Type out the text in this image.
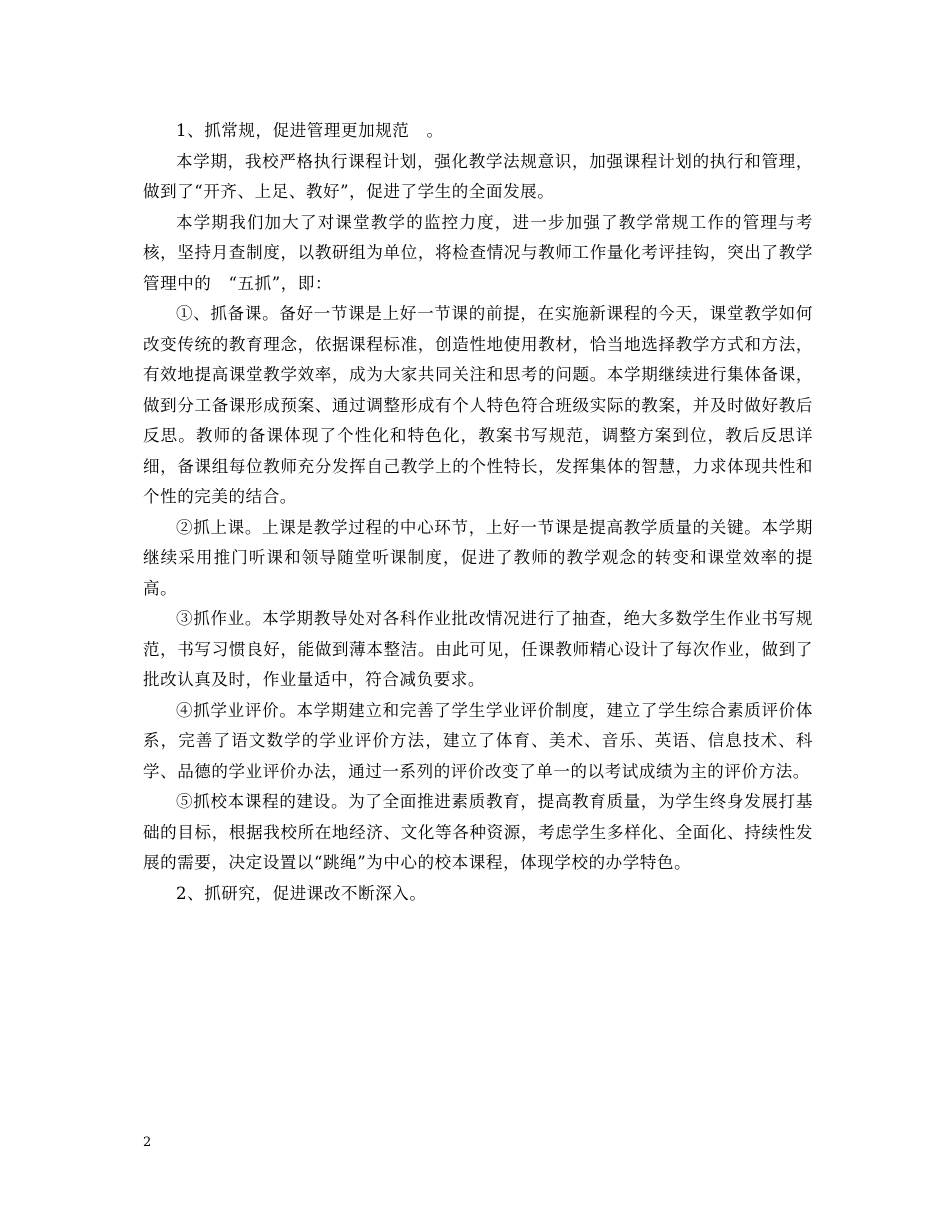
1、抓常规，促进管理更加规范　。

本学期，我校严格执行课程计划，强化教学法规意识，加强课程计划的执行和管理，做到了“开齐、上足、教好”，促进了学生的全面发展。

本学期我们加大了对课堂教学的监控力度，进一步加强了教学常规工作的管理与考核，坚持月查制度，以教研组为单位，将检查情况与教师工作量化考评挂钩，突出了教学管理中的　“五抓”，即：

①、抓备课。备好一节课是上好一节课的前提，在实施新课程的今天，课堂教学如何改变传统的教育理念，依据课程标准，创造性地使用教材，恰当地选择教学方式和方法，有效地提高课堂教学效率，成为大家共同关注和思考的问题。本学期继续进行集体备课，做到分工备课形成预案、通过调整形成有个人特色符合班级实际的教案，并及时做好教后反思。教师的备课体现了个性化和特色化，教案书写规范，调整方案到位，教后反思详细，备课组每位教师充分发挥自己教学上的个性特长，发挥集体的智慧，力求体现共性和个性的完美的结合。

②抓上课。上课是教学过程的中心环节，上好一节课是提高教学质量的关键。本学期继续采用推门听课和领导随堂听课制度，促进了教师的教学观念的转变和课堂效率的提高。

③抓作业。本学期教导处对各科作业批改情况进行了抽查，绝大多数学生作业书写规范，书写习惯良好，能做到薄本整洁。由此可见，任课教师精心设计了每次作业，做到了批改认真及时，作业量适中，符合减负要求。

④抓学业评价。本学期建立和完善了学生学业评价制度，建立了学生综合素质评价体系，完善了语文数学的学业评价方法，建立了体育、美术、音乐、英语、信息技术、科学、品德的学业评价办法，通过一系列的评价改变了单一的以考试成绩为主的评价方法。

⑤抓校本课程的建设。为了全面推进素质教育，提高教育质量，为学生终身发展打基础的目标，根据我校所在地经济、文化等各种资源，考虑学生多样化、全面化、持续性发展的需要，决定设置以“跳绳”为中心的校本课程，体现学校的办学特色。

2、抓研究，促进课改不断深入。

2
